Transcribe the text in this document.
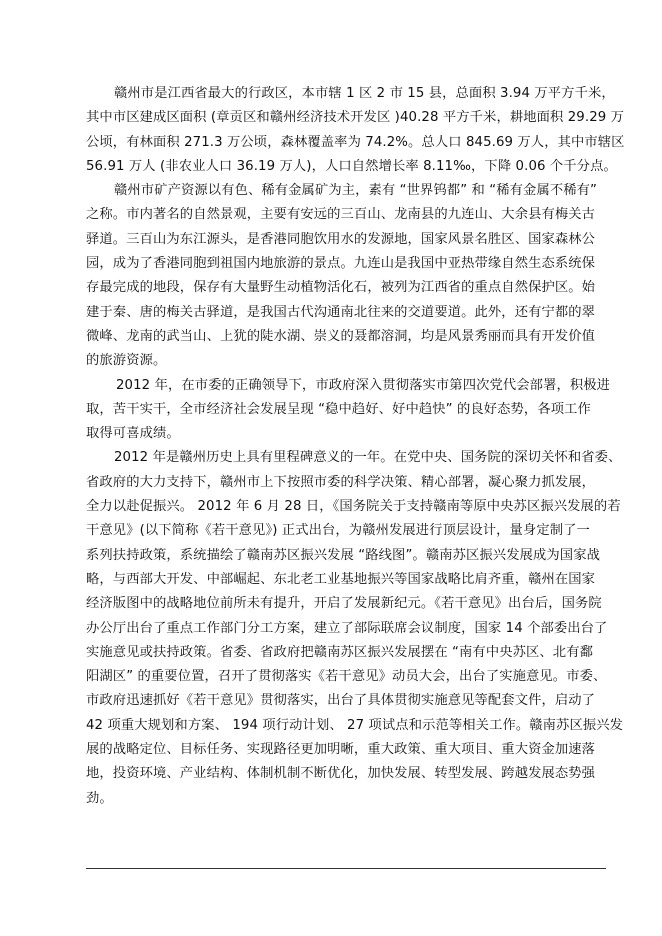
赣州市是江西省最大的行政区，本市辖 1 区 2 市 15 县，总面积 3.94 万平方千米，
其中市区建成区面积 (章贡区和赣州经济技术开发区 )40.28 平方千米，耕地面积 29.29 万
公顷，有林面积 271.3 万公顷，森林覆盖率为 74.2%。总人口 845.69 万人，其中市辖区
56.91 万人 (非农业人口 36.19 万人)，人口自然增长率 8.11‰，下降 0.06 个千分点。
赣州市矿产资源以有色、稀有金属矿为主，素有 “世界钨都” 和 “稀有金属不稀有”
之称。市内著名的自然景观，主要有安远的三百山、龙南县的九连山、大余县有梅关古
驿道。三百山为东江源头，是香港同胞饮用水的发源地，国家风景名胜区、国家森林公
园，成为了香港同胞到祖国内地旅游的景点。九连山是我国中亚热带缘自然生态系统保
存最完成的地段，保存有大量野生动植物活化石，被列为江西省的重点自然保护区。始
建于秦、唐的梅关古驿道，是我国古代沟通南北往来的交道要道。此外，还有宁都的翠
微峰、龙南的武当山、上犹的陡水湖、崇义的聂都溶洞，均是风景秀丽而具有开发价值
的旅游资源。
2012 年，在市委的正确领导下，市政府深入贯彻落实市第四次党代会部署，积极进
取，苦干实干，全市经济社会发展呈现 “稳中趋好、好中趋快” 的良好态势，各项工作
取得可喜成绩。
2012 年是赣州历史上具有里程碑意义的一年。在党中央、国务院的深切关怀和省委、
省政府的大力支持下，赣州市上下按照市委的科学决策、精心部署，凝心聚力抓发展，
全力以赴促振兴。 2012 年 6 月 28 日，《国务院关于支持赣南等原中央苏区振兴发展的若
干意见》(以下简称《若干意见》) 正式出台，为赣州发展进行顶层设计，量身定制了一
系列扶持政策，系统描绘了赣南苏区振兴发展 “路线图”。赣南苏区振兴发展成为国家战
略，与西部大开发、中部崛起、东北老工业基地振兴等国家战略比肩齐重，赣州在国家
经济版图中的战略地位前所未有提升，开启了发展新纪元。《若干意见》出台后，国务院
办公厅出台了重点工作部门分工方案，建立了部际联席会议制度，国家 14 个部委出台了
实施意见或扶持政策。省委、省政府把赣南苏区振兴发展摆在 “南有中央苏区、北有鄱
阳湖区” 的重要位置，召开了贯彻落实《若干意见》动员大会，出台了实施意见。市委、
市政府迅速抓好《若干意见》贯彻落实，出台了具体贯彻实施意见等配套文件，启动了
42 项重大规划和方案、 194 项行动计划、 27 项试点和示范等相关工作。赣南苏区振兴发
展的战略定位、目标任务、实现路径更加明晰，重大政策、重大项目、重大资金加速落
地，投资环境、产业结构、体制机制不断优化，加快发展、转型发展、跨越发展态势强
劲。
